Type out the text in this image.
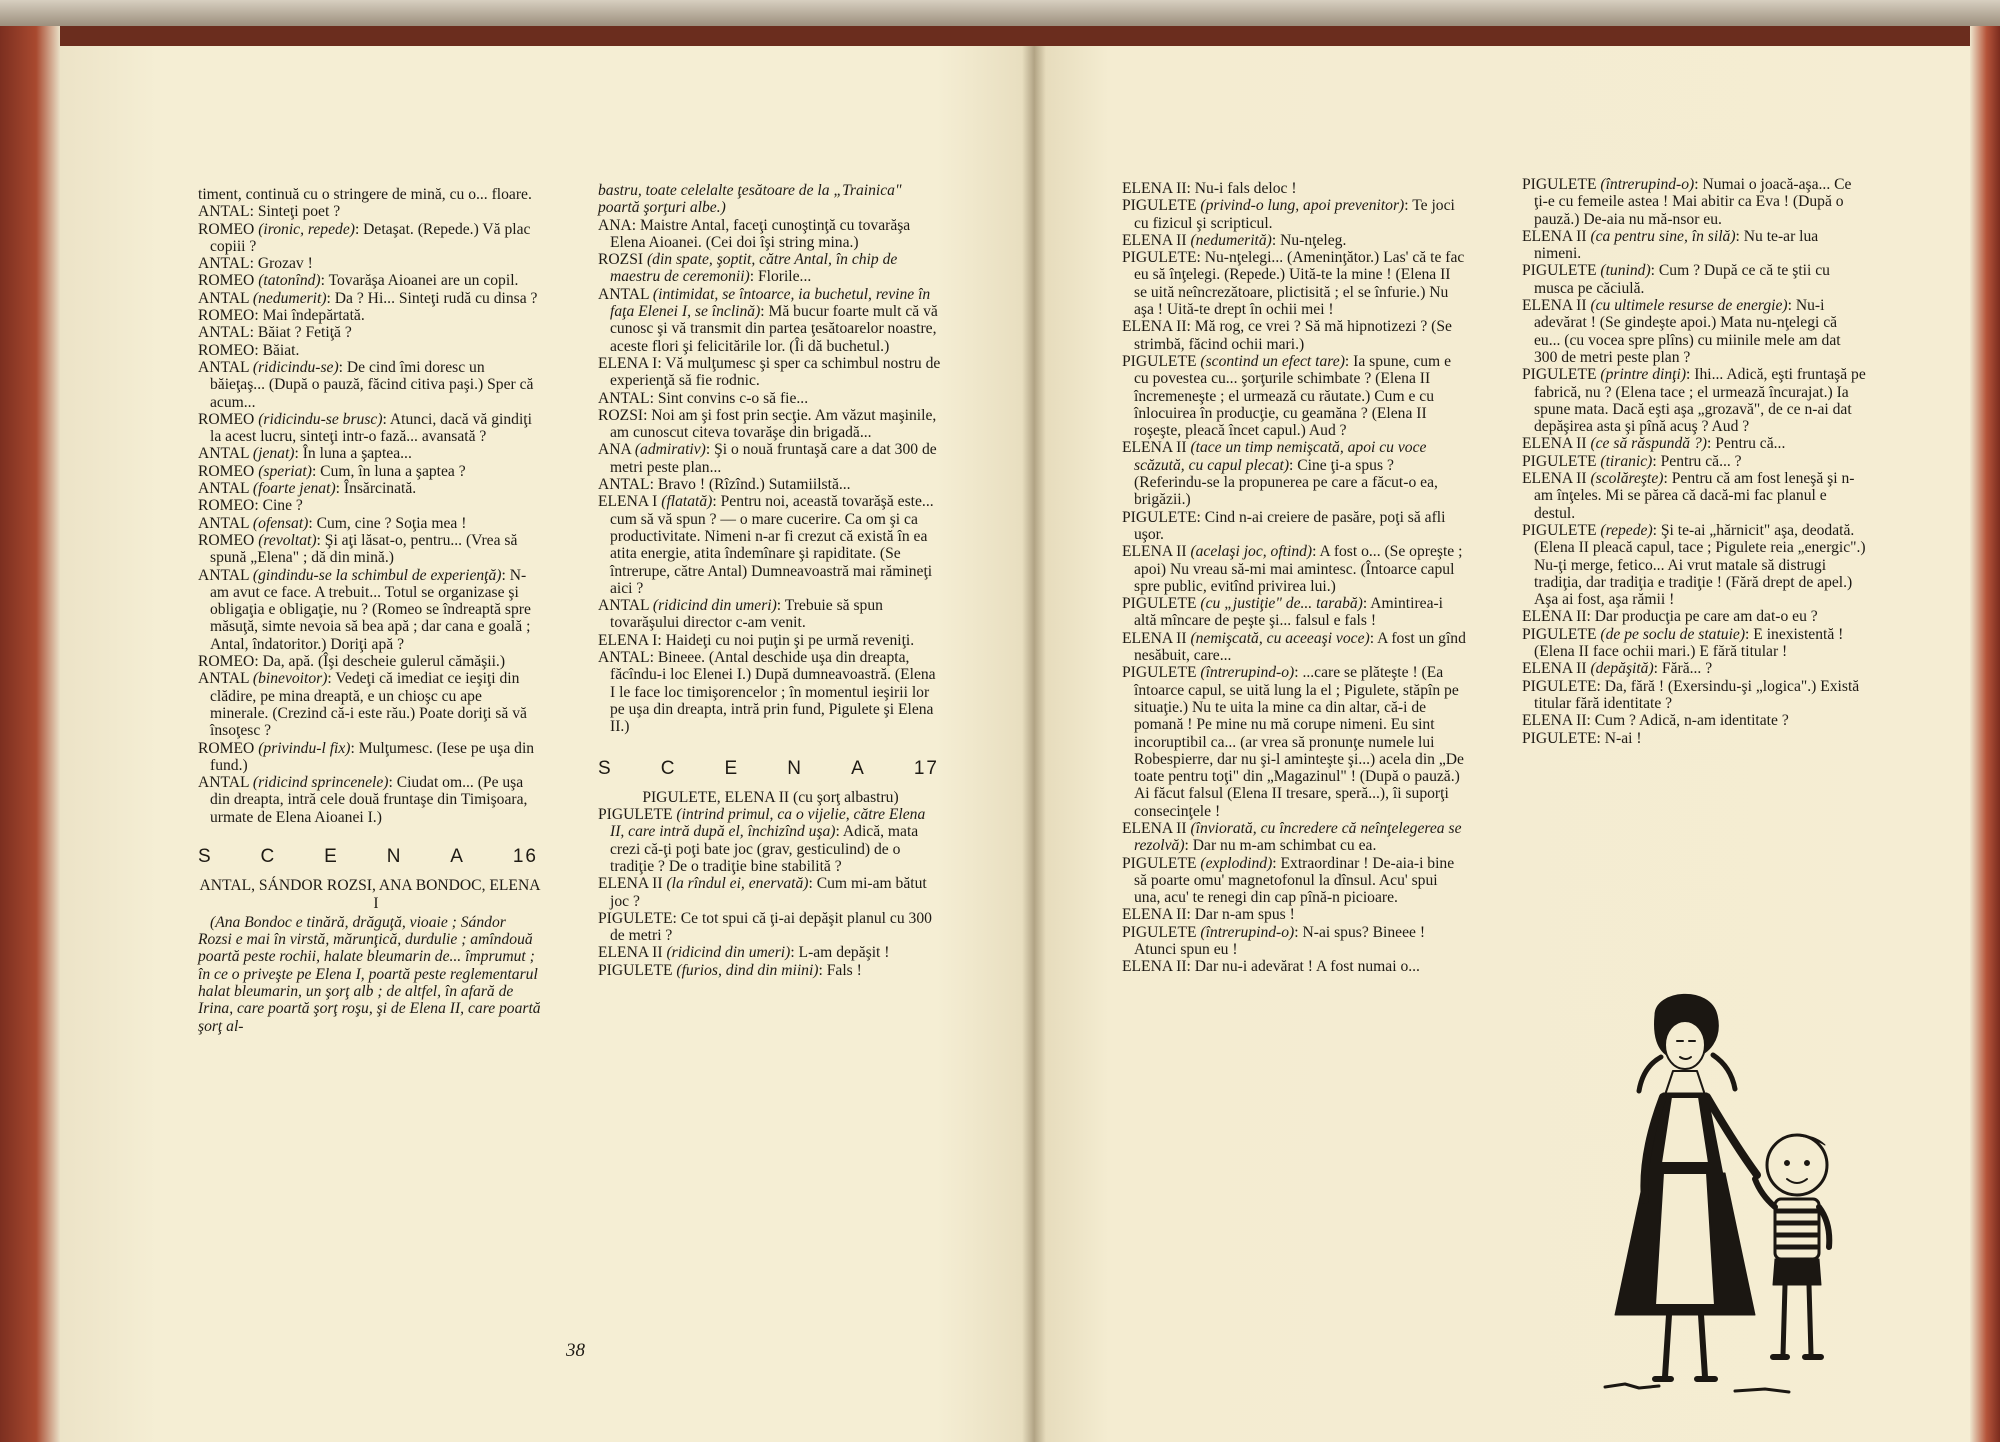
timent, continuă cu o stringere de mină, cu o... floare.

ANTAL: Sinteţi poet ?

ROMEO (ironic, repede): Detaşat. (Repede.) Vă plac copiii ?

ANTAL: Grozav !

ROMEO (tatonînd): Tovarăşa Aioanei are un copil.

ANTAL (nedumerit): Da ? Hi... Sinteţi rudă cu dinsa ?

ROMEO: Mai îndepărtată.

ANTAL: Băiat ? Fetiţă ?

ROMEO: Băiat.

ANTAL (ridicindu-se): De cind îmi doresc un băieţaş... (După o pauză, făcind citiva paşi.) Sper că acum...

ROMEO (ridicindu-se brusc): Atunci, dacă vă gindiţi la acest lucru, sinteţi intr-o fază... avansată ?

ANTAL (jenat): În luna a şaptea...

ROMEO (speriat): Cum, în luna a şaptea ?

ANTAL (foarte jenat): Însărcinată.

ROMEO: Cine ?

ANTAL (ofensat): Cum, cine ? Soţia mea !

ROMEO (revoltat): Şi aţi lăsat-o, pentru... (Vrea să spună „Elena" ; dă din mină.)

ANTAL (gindindu-se la schimbul de experienţă): N-am avut ce face. A trebuit... Totul se organizase şi obligaţia e obligaţie, nu ? (Romeo se îndreaptă spre măsuţă, simte nevoia să bea apă ; dar cana e goală ; Antal, îndatoritor.) Doriţi apă ?

ROMEO: Da, apă. (Îşi descheie gulerul cămăşii.)

ANTAL (binevoitor): Vedeţi că imediat ce ieşiţi din clădire, pe mina dreaptă, e un chioşc cu ape minerale. (Crezind că-i este rău.) Poate doriţi să vă însoţesc ?

ROMEO (privindu-l fix): Mulţumesc. (Iese pe uşa din fund.)

ANTAL (ridicind sprincenele): Ciudat om... (Pe uşa din dreapta, intră cele două fruntaşe din Timişoara, urmate de Elena Aioanei I.)

S	C	E	N	A	16

ANTAL, SÁNDOR ROZSI, ANA BONDOC, ELENA I

(Ana Bondoc e tinără, drăguţă, vioaie ; Sándor Rozsi e mai în virstă, mărunţică, durdulie ; amîndouă poartă peste rochii, halate bleumarin de... împrumut ; în ce o priveşte pe Elena I, poartă peste reglementarul halat bleumarin, un şorţ alb ; de altfel, în afară de Irina, care poartă şorţ roşu, şi de Elena II, care poartă şorţ al-

bastru, toate celelalte ţesătoare de la „Trainica" poartă şorţuri albe.)

ANA: Maistre Antal, faceţi cunoştinţă cu tovarăşa Elena Aioanei. (Cei doi îşi string mina.)

ROZSI (din spate, şoptit, către Antal, în chip de maestru de ceremonii): Florile...

ANTAL (intimidat, se întoarce, ia buchetul, revine în faţa Elenei I, se înclină): Mă bucur foarte mult că vă cunosc şi vă transmit din partea ţesătoarelor noastre, aceste flori şi felicitările lor. (Îi dă buchetul.)

ELENA I: Vă mulţumesc şi sper ca schimbul nostru de experienţă să fie rodnic.

ANTAL: Sint convins c-o să fie...

ROZSI: Noi am şi fost prin secţie. Am văzut maşinile, am cunoscut citeva tovarăşe din brigadă...

ANA (admirativ): Şi o nouă fruntaşă care a dat 300 de metri peste plan...

ANTAL: Bravo ! (Rîzînd.) Sutamiilstă...

ELENA I (flatată): Pentru noi, această tovarăşă este... cum să vă spun ? — o mare cucerire. Ca om şi ca productivitate. Nimeni n-ar fi crezut că există în ea atita energie, atita îndemînare şi rapiditate. (Se întrerupe, către Antal) Dumneavoastră mai rămineţi aici ?

ANTAL (ridicind din umeri): Trebuie să spun tovarăşului director c-am venit.

ELENA I: Haideţi cu noi puţin şi pe urmă reveniţi.

ANTAL: Bineee. (Antal deschide uşa din dreapta, făcîndu-i loc Elenei I.) După dumneavoastră. (Elena I le face loc timişorencelor ; în momentul ieşirii lor pe uşa din dreapta, intră prin fund, Pigulete şi Elena II.)

S	C	E	N	A	17

PIGULETE, ELENA II (cu şorţ albastru)

PIGULETE (intrind primul, ca o vijelie, către Elena II, care intră după el, închizînd uşa): Adică, mata crezi că-ţi poţi bate joc (grav, gesticulind) de o tradiţie ? De o tradiţie bine stabilită ?

ELENA II (la rîndul ei, enervată): Cum mi-am bătut joc ?

PIGULETE: Ce tot spui că ţi-ai depăşit planul cu 300 de metri ?

ELENA II (ridicind din umeri): L-am depăşit !

PIGULETE (furios, dind din miini): Fals !

38

ELENA II: Nu-i fals deloc !

PIGULETE (privind-o lung, apoi prevenitor): Te joci cu fizicul şi scripticul.

ELENA II (nedumerită): Nu-nţeleg.

PIGULETE: Nu-nţelegi... (Ameninţător.) Las' că te fac eu să înţelegi. (Repede.) Uită-te la mine ! (Elena II se uită neîncrezătoare, plictisită ; el se înfurie.) Nu aşa ! Uită-te drept în ochii mei !

ELENA II: Mă rog, ce vrei ? Să mă hipnotizezi ? (Se strimbă, făcind ochii mari.)

PIGULETE (scontind un efect tare): Ia spune, cum e cu povestea cu... şorţurile schimbate ? (Elena II încremeneşte ; el urmează cu răutate.) Cum e cu înlocuirea în producţie, cu geamăna ? (Elena II roşeşte, pleacă încet capul.) Aud ?

ELENA II (tace un timp nemişcată, apoi cu voce scăzută, cu capul plecat): Cine ţi-a spus ? (Referindu-se la propunerea pe care a făcut-o ea, brigăzii.)

PIGULETE: Cind n-ai creiere de pasăre, poţi să afli uşor.

ELENA II (acelaşi joc, oftind): A fost o... (Se opreşte ; apoi) Nu vreau să-mi mai amintesc. (Întoarce capul spre public, evitînd privirea lui.)

PIGULETE (cu „justiţie" de... tarabă): Amintirea-i altă mîncare de peşte şi... falsul e fals !

ELENA II (nemişcată, cu aceeaşi voce): A fost un gînd nesăbuit, care...

PIGULETE (întrerupind-o): ...care se plăteşte ! (Ea întoarce capul, se uită lung la el ; Pigulete, stăpîn pe situaţie.) Nu te uita la mine ca din altar, că-i de pomană ! Pe mine nu mă corupe nimeni. Eu sint incoruptibil ca... (ar vrea să pronunţe numele lui Robespierre, dar nu şi-l aminteşte şi...) acela din „De toate pentru toţi" din „Magazinul" ! (După o pauză.) Ai făcut falsul (Elena II tresare, speră...), îi suporţi consecinţele !

ELENA II (înviorată, cu încredere că neînţelegerea se rezolvă): Dar nu m-am schimbat cu ea.

PIGULETE (explodind): Extraordinar ! De-aia-i bine să poarte omu' magnetofonul la dînsul. Acu' spui una, acu' te renegi din cap pînă-n picioare.

ELENA II: Dar n-am spus !

PIGULETE (întrerupind-o): N-ai spus? Bineee ! Atunci spun eu !

ELENA II: Dar nu-i adevărat ! A fost numai o...

PIGULETE (întrerupind-o): Numai o joacă-aşa... Ce ţi-e cu femeile astea ! Mai abitir ca Eva ! (După o pauză.) De-aia nu mă-nsor eu.

ELENA II (ca pentru sine, în silă): Nu te-ar lua nimeni.

PIGULETE (tunind): Cum ? După ce că te ştii cu musca pe căciulă.

ELENA II (cu ultimele resurse de energie): Nu-i adevărat ! (Se gindeşte apoi.) Mata nu-nţelegi că eu... (cu vocea spre plîns) cu miinile mele am dat 300 de metri peste plan ?

PIGULETE (printre dinţi): Ihi... Adică, eşti fruntaşă pe fabrică, nu ? (Elena tace ; el urmează încurajat.) Ia spune mata. Dacă eşti aşa „grozavă", de ce n-ai dat depăşirea asta şi pînă acuş ? Aud ?

ELENA II (ce să răspundă ?): Pentru că...

PIGULETE (tiranic): Pentru că... ?

ELENA II (scolăreşte): Pentru că am fost leneşă şi n-am înţeles. Mi se părea că dacă-mi fac planul e destul.

PIGULETE (repede): Şi te-ai „hărnicit" aşa, deodată. (Elena II pleacă capul, tace ; Pigulete reia „energic".) Nu-ţi merge, fetico... Ai vrut matale să distrugi tradiţia, dar tradiţia e tradiţie ! (Fără drept de apel.) Aşa ai fost, aşa rămii !

ELENA II: Dar producţia pe care am dat-o eu ?

PIGULETE (de pe soclu de statuie): E inexistentă ! (Elena II face ochii mari.) E fără titular !

ELENA II (depăşită): Fără... ?

PIGULETE: Da, fără ! (Exersindu-şi „logica".) Există titular fără identitate ?

ELENA II: Cum ? Adică, n-am identitate ?

PIGULETE: N-ai !
